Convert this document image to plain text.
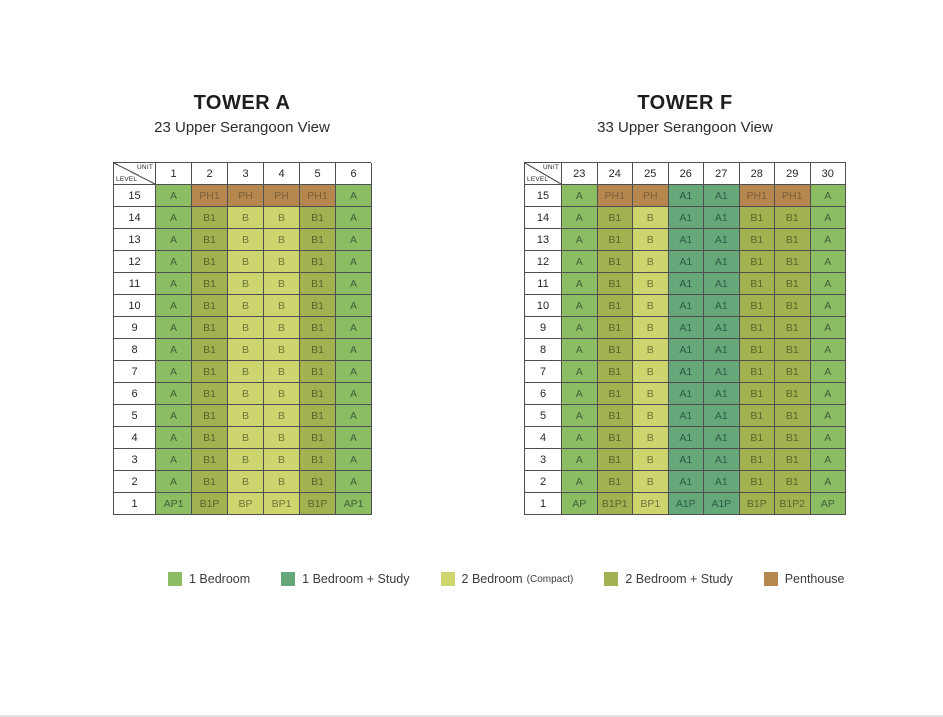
TOWER A
23 Upper Serangoon View
UNIT
LEVEL	1	2	3	4	5	6
15	A	PH1	PH	PH	PH1	A
14	A	B1	B	B	B1	A
13	A	B1	B	B	B1	A
12	A	B1	B	B	B1	A
11	A	B1	B	B	B1	A
10	A	B1	B	B	B1	A
9	A	B1	B	B	B1	A
8	A	B1	B	B	B1	A
7	A	B1	B	B	B1	A
6	A	B1	B	B	B1	A
5	A	B1	B	B	B1	A
4	A	B1	B	B	B1	A
3	A	B1	B	B	B1	A
2	A	B1	B	B	B1	A
1	AP1	B1P	BP	BP1	B1P	AP1
TOWER F
33 Upper Serangoon View
UNIT
LEVEL	23	24	25	26	27	28	29	30
15	A	PH1	PH	A1	A1	PH1	PH1	A
14	A	B1	B	A1	A1	B1	B1	A
13	A	B1	B	A1	A1	B1	B1	A
12	A	B1	B	A1	A1	B1	B1	A
11	A	B1	B	A1	A1	B1	B1	A
10	A	B1	B	A1	A1	B1	B1	A
9	A	B1	B	A1	A1	B1	B1	A
8	A	B1	B	A1	A1	B1	B1	A
7	A	B1	B	A1	A1	B1	B1	A
6	A	B1	B	A1	A1	B1	B1	A
5	A	B1	B	A1	A1	B1	B1	A
4	A	B1	B	A1	A1	B1	B1	A
3	A	B1	B	A1	A1	B1	B1	A
2	A	B1	B	A1	A1	B1	B1	A
1	AP	B1P1	BP1	A1P	A1P	B1P	B1P2	AP
1 Bedroom	1 Bedroom + Study	2 Bedroom (Compact)	2 Bedroom + Study	Penthouse
